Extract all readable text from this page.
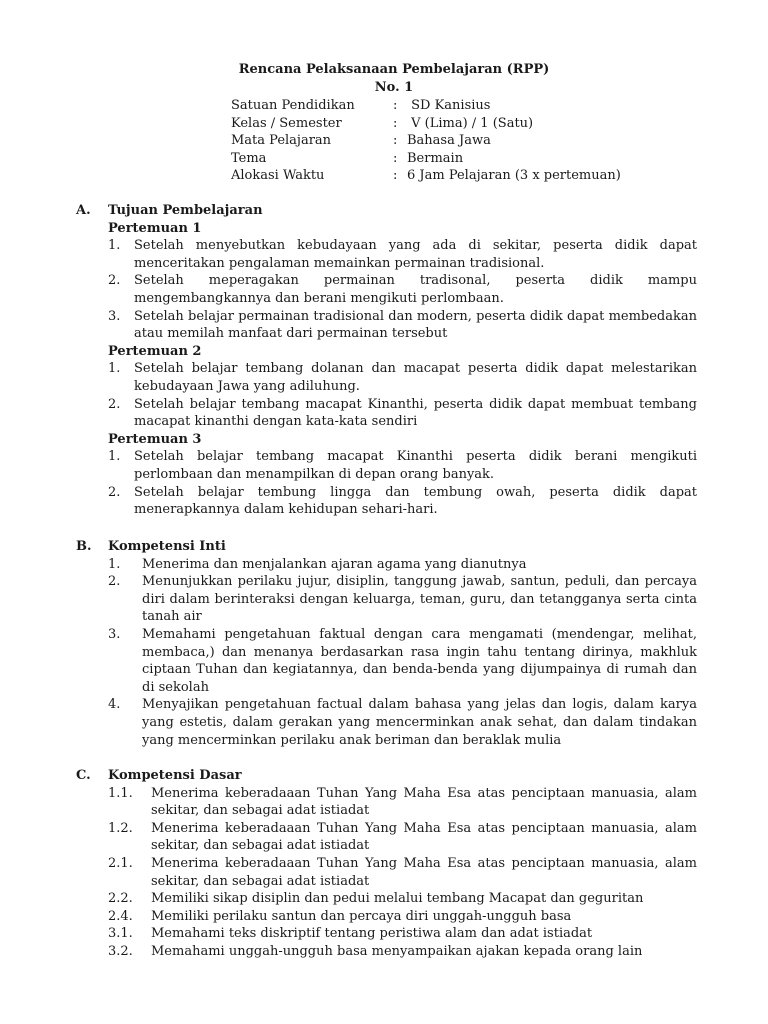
Rencana Pelaksanaan Pembelajaran (RPP)
No. 1
Satuan Pendidikan	: SD Kanisius
Kelas / Semester	: V (Lima) / 1 (Satu)
Mata Pelajaran	: Bahasa Jawa
Tema	: Bermain
Alokasi Waktu	: 6 Jam Pelajaran (3 x pertemuan)
A. Tujuan Pembelajaran
Pertemuan 1
1.	Setelah menyebutkan kebudayaan yang ada di sekitar, peserta didik dapat menceritakan pengalaman memainkan permainan tradisional.
2.	Setelah meperagakan permainan tradisonal, peserta didik mampu mengembangkannya dan berani mengikuti perlombaan.
3.	Setelah belajar permainan tradisional dan modern, peserta didik dapat membedakan atau memilah manfaat dari permainan tersebut
Pertemuan 2
1.	Setelah belajar tembang dolanan dan macapat peserta didik dapat melestarikan kebudayaan Jawa yang adiluhung.
2.	Setelah belajar tembang macapat Kinanthi, peserta didik dapat membuat tembang macapat kinanthi dengan kata-kata sendiri
Pertemuan 3
1.	Setelah belajar tembang macapat Kinanthi peserta didik berani mengikuti perlombaan dan menampilkan di depan orang banyak.
2.	Setelah belajar tembung lingga dan tembung owah, peserta didik dapat menerapkannya dalam kehidupan sehari-hari.
B. Kompetensi Inti
1.	Menerima dan menjalankan ajaran agama yang dianutnya
2.	Menunjukkan perilaku jujur, disiplin, tanggung jawab, santun, peduli, dan percaya diri dalam berinteraksi dengan keluarga, teman, guru, dan tetangganya serta cinta tanah air
3.	Memahami pengetahuan faktual dengan cara mengamati (mendengar, melihat, membaca,) dan menanya berdasarkan rasa ingin tahu tentang dirinya, makhluk ciptaan Tuhan dan kegiatannya, dan benda-benda yang dijumpainya di rumah dan di sekolah
4.	Menyajikan pengetahuan factual dalam bahasa yang jelas dan logis, dalam karya yang estetis, dalam gerakan yang mencerminkan anak sehat, dan dalam tindakan yang mencerminkan perilaku anak beriman dan beraklak mulia
C. Kompetensi Dasar
1.1.	Menerima keberadaaan Tuhan Yang Maha Esa atas penciptaan manuasia, alam sekitar, dan sebagai adat istiadat
1.2.	Menerima keberadaaan Tuhan Yang Maha Esa atas penciptaan manuasia, alam sekitar, dan sebagai adat istiadat
2.1.	Menerima keberadaaan Tuhan Yang Maha Esa atas penciptaan manuasia, alam sekitar, dan sebagai adat istiadat
2.2.	Memiliki sikap disiplin dan pedui melalui tembang Macapat dan geguritan
2.4.	Memiliki perilaku santun dan percaya diri unggah-ungguh basa
3.1.	Memahami teks diskriptif tentang peristiwa alam dan adat istiadat
3.2.	Memahami unggah-ungguh basa menyampaikan ajakan kepada orang lain
